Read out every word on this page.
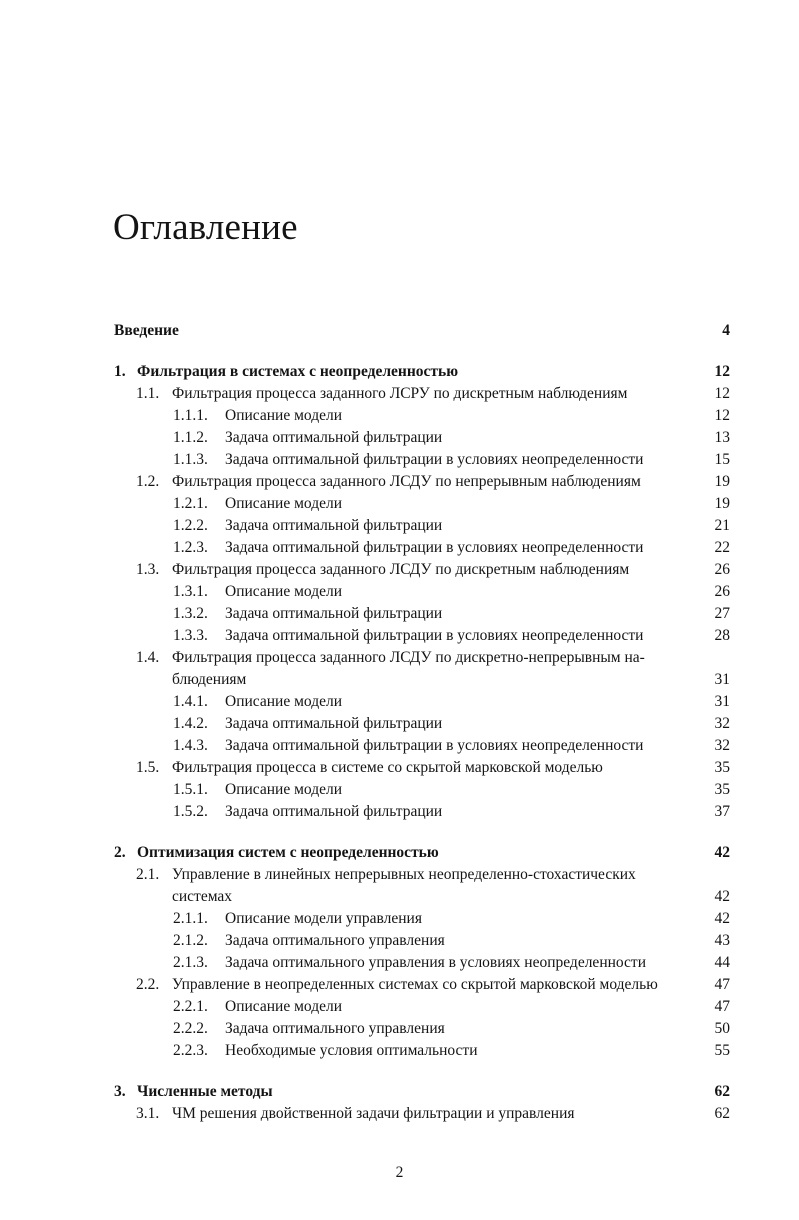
Оглавление
Введение	4
1. Фильтрация в системах с неопределенностью	12
1.1. Фильтрация процесса заданного ЛСРУ по дискретным наблюдениям . . .	12
1.1.1. Описание модели . . .	12
1.1.2. Задача оптимальной фильтрации . . .	13
1.1.3. Задача оптимальной фильтрации в условиях неопределенности . . .	15
1.2. Фильтрация процесса заданного ЛСДУ по непрерывным наблюдениям	19
1.2.1. Описание модели . . .	19
1.2.2. Задача оптимальной фильтрации . . .	21
1.2.3. Задача оптимальной фильтрации в условиях неопределенности . . .	22
1.3. Фильтрация процесса заданного ЛСДУ по дискретным наблюдениям . . .	26
1.3.1. Описание модели . . .	26
1.3.2. Задача оптимальной фильтрации . . .	27
1.3.3. Задача оптимальной фильтрации в условиях неопределенности . . .	28
1.4. Фильтрация процесса заданного ЛСДУ по дискретно-непрерывным на-
блюдениям . . .	31
1.4.1. Описание модели . . .	31
1.4.2. Задача оптимальной фильтрации . . .	32
1.4.3. Задача оптимальной фильтрации в условиях неопределенности . . .	32
1.5. Фильтрация процесса в системе со скрытой марковской моделью . . .	35
1.5.1. Описание модели . . .	35
1.5.2. Задача оптимальной фильтрации . . .	37
2. Оптимизация систем с неопределенностью	42
2.1. Управление в линейных непрерывных неопределенно-стохастических
системах . . .	42
2.1.1. Описание модели управления . . .	42
2.1.2. Задача оптимального управления . . .	43
2.1.3. Задача оптимального управления в условиях неопределенности	44
2.2. Управление в неопределенных системах со скрытой марковской моделью	47
2.2.1. Описание модели . . .	47
2.2.2. Задача оптимального управления . . .	50
2.2.3. Необходимые условия оптимальности . . .	55
3. Численные методы	62
3.1. ЧМ решения двойственной задачи фильтрации и управления . . .	62
2
